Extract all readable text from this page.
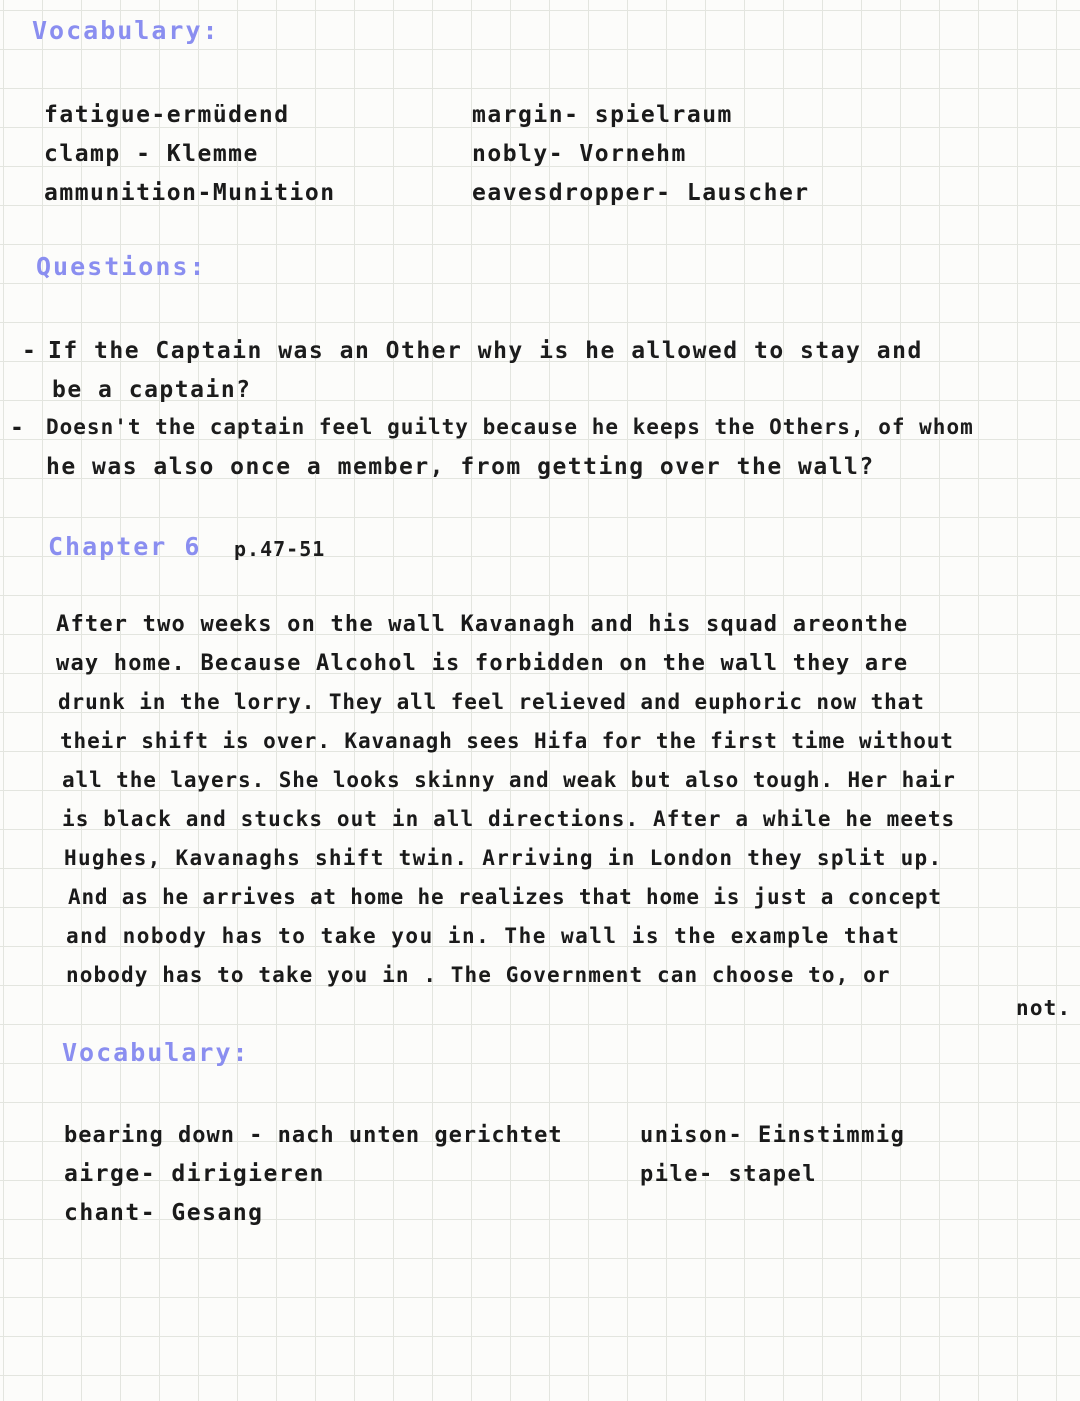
Vocabulary:
fatigue-ermüdend
clamp - Klemme
ammunition-Munition
margin- spielraum
nobly- Vornehm
eavesdropper- Lauscher
Questions:
- If the Captain was an Other why is he allowed to stay and
be a captain?
- Doesn't the captain feel guilty because he keeps the Others, of whom
he was also once a member, from getting over the wall?
Chapter 6 p.47-51
After two weeks on the wall Kavanagh and his squad areonthe
way home. Because Alcohol is forbidden on the wall they are
drunk in the lorry. They all feel relieved and euphoric now that
their shift is over. Kavanagh sees Hifa for the first time without
all the layers. She looks skinny and weak but also tough. Her hair
is black and stucks out in all directions. After a while he meets
Hughes, Kavanaghs shift twin. Arriving in London they split up.
And as he arrives at home he realizes that home is just a concept
and nobody has to take you in. The wall is the example that
nobody has to take you in . The Government can choose to, or
not.
Vocabulary:
bearing down - nach unten gerichtet
airge- dirigieren
chant- Gesang
unison- Einstimmig
pile- stapel
